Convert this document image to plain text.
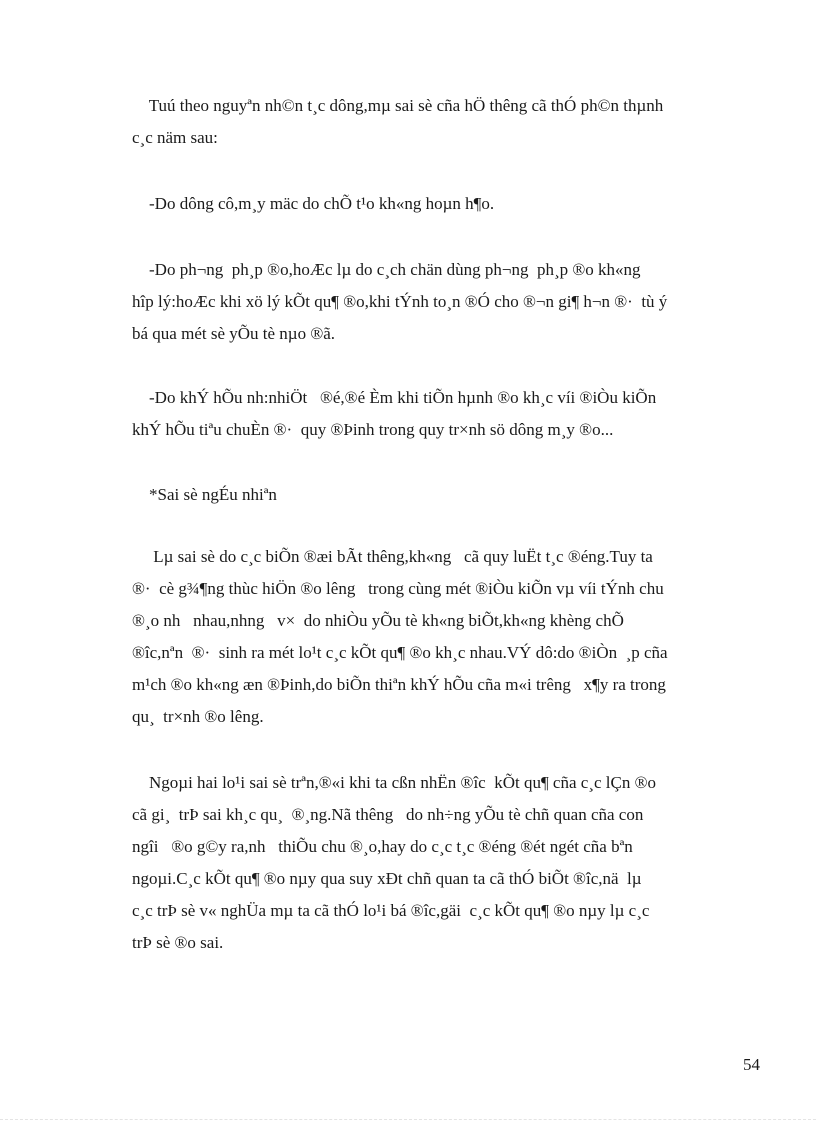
Tuú theo nguyªn nh©n t¸c dông,mµ sai sè cña hÖ thêng cã thÓ ph©n thµnh
c¸c näm sau:
-Do dông cô,m¸y mäc do chÕ t¹o kh«ng hoµn h¶o.
-Do ph¬ng  ph¸p ®o,hoÆc lµ do c¸ch chän dùng ph¬ng  ph¸p ®o kh«ng
hîp lý:hoÆc khi xö lý kÕt qu¶ ®o,khi tÝnh to¸n ®Ó cho ®¬n gi¶ h¬n ®·  tù ý
bá qua mét sè yÕu tè nµo ®ã.
-Do khÝ hÕu nh:nhiÖt   ®é,®é Èm khi tiÕn hµnh ®o kh¸c víi ®iÒu kiÕn
khÝ hÕu tiªu chuÈn ®·  quy ®Þinh trong quy tr×nh sö dông m¸y ®o...
*Sai sè ngÉu nhiªn
Lµ sai sè do c¸c biÕn ®æi bÃt thêng,kh«ng   cã quy luËt t¸c ®éng.Tuy ta
®·  cè g¾¶ng thùc hiÖn ®o lêng   trong cùng mét ®iÒu kiÕn vµ víi tÝnh chu
®¸o nh   nhau,nhng   v×  do nhiÒu yÕu tè kh«ng biÕt,kh«ng khèng chÕ
®îc,nªn  ®·  sinh ra mét lo¹t c¸c kÕt qu¶ ®o kh¸c nhau.VÝ dô:do ®iÒn  ¸p cña
m¹ch ®o kh«ng æn ®Þinh,do biÕn thiªn khÝ hÕu cña m«i trêng   x¶y ra trong
qu¸  tr×nh ®o lêng.
Ngoµi hai lo¹i sai sè trªn,®«i khi ta cßn nhËn ®îc  kÕt qu¶ cña c¸c lÇn ®o
cã gi¸  trÞ sai kh¸c qu¸  ®¸ng.Nã thêng   do nh÷ng yÕu tè chñ quan cña con
ngîi   ®o g©y ra,nh   thiÕu chu ®¸o,hay do c¸c t¸c ®éng ®ét ngét cña bªn
ngoµi.C¸c kÕt qu¶ ®o nµy qua suy xÐt chñ quan ta cã thÓ biÕt ®îc,nä  lµ
c¸c trÞ sè v« nghÜa mµ ta cã thÓ lo¹i bá ®îc,gäi  c¸c kÕt qu¶ ®o nµy lµ c¸c
trÞ sè ®o sai.
54
